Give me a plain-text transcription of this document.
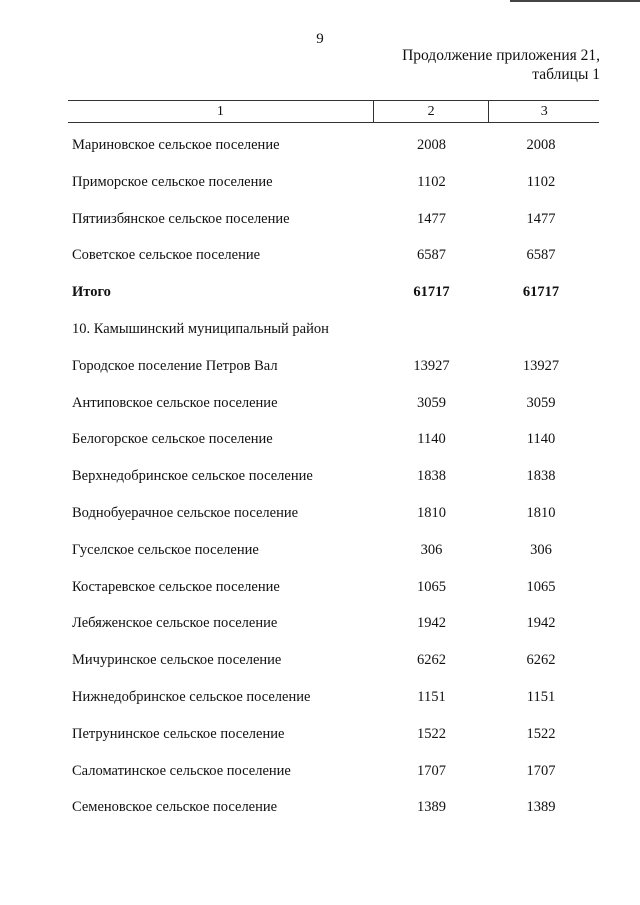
9
Продолжение приложения 21,
таблицы 1
1	2	3
Мариновское сельское поселение	2008	2008
Приморское сельское поселение	1102	1102
Пятиизбянское сельское поселение	1477	1477
Советское сельское поселение	6587	6587
Итого	61717	61717
10. Камышинский муниципальный район
Городское поселение Петров Вал	13927	13927
Антиповское сельское поселение	3059	3059
Белогорское сельское поселение	1140	1140
Верхнедобринское сельское поселение	1838	1838
Воднобуерачное сельское поселение	1810	1810
Гуселское сельское поселение	306	306
Костаревское сельское поселение	1065	1065
Лебяженское сельское поселение	1942	1942
Мичуринское сельское поселение	6262	6262
Нижнедобринское сельское поселение	1151	1151
Петрунинское сельское поселение	1522	1522
Саломатинское сельское поселение	1707	1707
Семеновское сельское поселение	1389	1389
